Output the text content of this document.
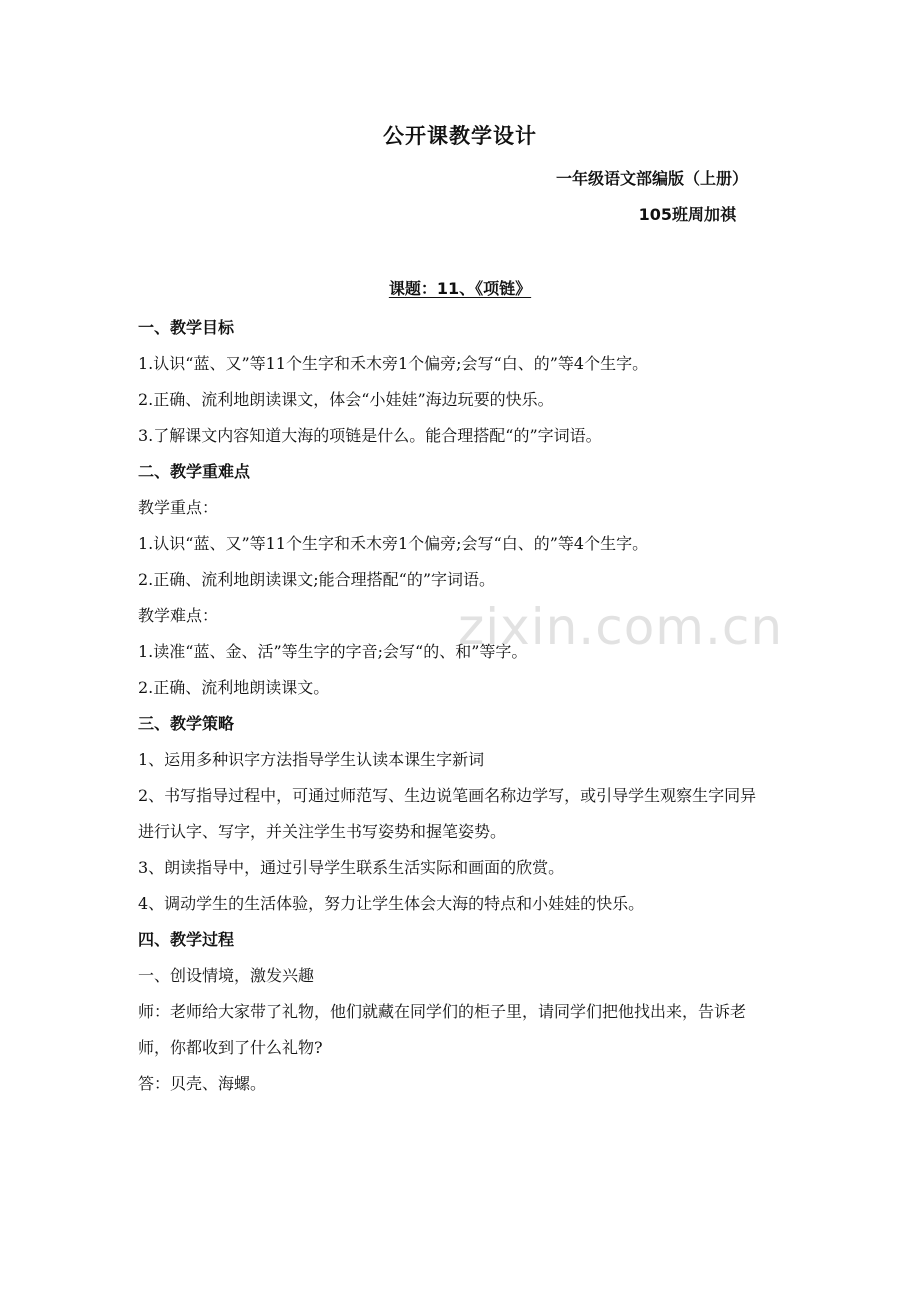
公开课教学设计
一年级语文部编版（上册）
105班周加祺
课题：11、《项链》

一、教学目标

1.认识“蓝、又”等11个生字和禾木旁1个偏旁;会写“白、的”等4个生字。

2.正确、流利地朗读课文，体会“小娃娃”海边玩要的快乐。

3.了解课文内容知道大海的项链是什么。能合理搭配“的”字词语。

二、教学重难点

教学重点：

1.认识“蓝、又”等11个生字和禾木旁1个偏旁;会写“白、的”等4个生字。

2.正确、流利地朗读课文;能合理搭配“的”字词语。

教学难点：

1.读准“蓝、金、活”等生字的字音;会写“的、和”等字。

2.正确、流利地朗读课文。

三、教学策略

1、运用多种识字方法指导学生认读本课生字新词

2、书写指导过程中，可通过师范写、生边说笔画名称边学写，或引导学生观察生字同异进行认字、写字，并关注学生书写姿势和握笔姿势。

3、朗读指导中，通过引导学生联系生活实际和画面的欣赏。

4、调动学生的生活体验，努力让学生体会大海的特点和小娃娃的快乐。

四、教学过程

一、创设情境，激发兴趣

师：老师给大家带了礼物，他们就藏在同学们的柜子里，请同学们把他找出来，告诉老师，你都收到了什么礼物?

答：贝壳、海螺。

zixin.com.cn
